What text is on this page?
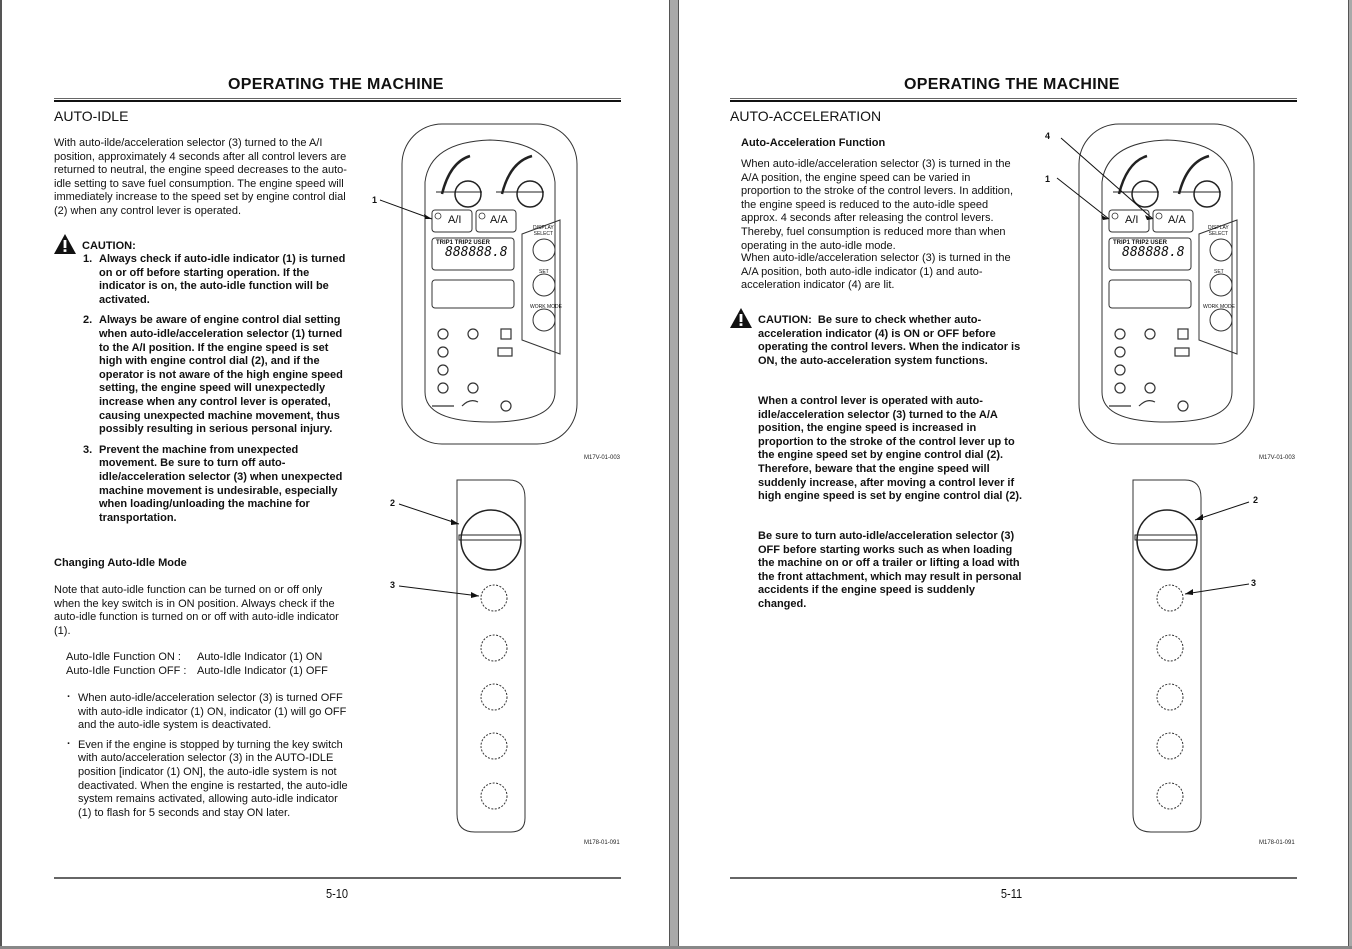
OPERATING THE MACHINE
AUTO-IDLE
With auto-ilde/acceleration selector (3) turned to the A/I position, approximately 4 seconds after all control levers are returned to neutral, the engine speed decreases to the auto-idle setting to save fuel consumption. The engine speed will immediately increase to the speed set by engine control dial (2) when any control lever is operated.
CAUTION:
1. Always check if auto-idle indicator (1) is turned on or off before starting operation. If the indicator is on, the auto-idle function will be activated.
2. Always be aware of engine control dial setting when auto-idle/acceleration selector (1) turned to the A/I position. If the engine speed is set high with engine control dial (2), and if the operator is not aware of the high engine speed setting, the engine speed will unexpectedly increase when any control lever is operated, causing unexpected machine movement, thus possibly resulting in serious personal injury.
3. Prevent the machine from unexpected movement. Be sure to turn off auto-idle/acceleration selector (3) when unexpected machine movement is undesirable, especially when loading/unloading the machine for transportation.
Changing Auto-Idle Mode
Note that auto-idle function can be turned on or off only when the key switch is in ON position. Always check if the auto-idle function is turned on or off with auto-idle indicator (1).
Auto-Idle Function ON : Auto-Idle Indicator (1) ON
Auto-Idle Function OFF : Auto-Idle Indicator (1) OFF
· When auto-idle/acceleration selector (3) is turned OFF with auto-idle indicator (1) ON, indicator (1) will go OFF and the auto-idle system is deactivated.
· Even if the engine is stopped by turning the key switch with auto/acceleration selector (3) in the AUTO-IDLE position [indicator (1) ON], the auto-idle system is not deactivated. When the engine is restarted, the auto-idle system remains activated, allowing auto-idle indicator (1) to flash for 5 seconds and stay ON later.
1
A/I	A/A
TRIP1 TRIP2 USER
888888.8
DISPLAY
SELECT
SET
WORK MODE
M17V-01-003
2
3
M178-01-091
5-10
OPERATING THE MACHINE
AUTO-ACCELERATION
Auto-Acceleration Function
When auto-idle/acceleration selector (3) is turned in the A/A position, the engine speed can be varied in proportion to the stroke of the control levers. In addition, the engine speed is reduced to the auto-idle speed approx. 4 seconds after releasing the control levers. Thereby, fuel consumption is reduced more than when operating in the auto-idle mode.
When auto-idle/acceleration selector (3) is turned in the A/A position, both auto-idle indicator (1) and auto-acceleration indicator (4) are lit.
CAUTION: Be sure to check whether auto-acceleration indicator (4) is ON or OFF before operating the control levers. When the indicator is ON, the auto-acceleration system functions.
When a control lever is operated with auto-idle/acceleration selector (3) turned to the A/A position, the engine speed is increased in proportion to the stroke of the control lever up to the engine speed set by engine control dial (2). Therefore, beware that the engine speed will suddenly increase, after moving a control lever if high engine speed is set by engine control dial (2).
Be sure to turn auto-idle/acceleration selector (3) OFF before starting works such as when loading the machine on or off a trailer or lifting a load with the front attachment, which may result in personal accidents if the engine speed is suddenly changed.
4
1
A/I	A/A
TRIP1 TRIP2 USER
888888.8
DISPLAY
SELECT
SET
WORK MODE
M17V-01-003
2
3
M178-01-091
5-11
